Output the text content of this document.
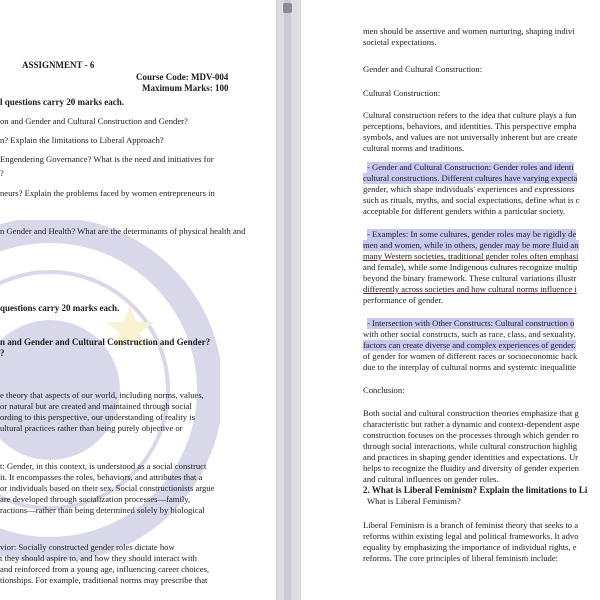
ASSIGNMENT - 6
Course Code: MDV-004
Maximum Marks: 100
l questions carry 20 marks each.
on and Gender and Cultural Construction and Gender?
n? Explain the limitations to Liberal Approach?
Engendering Governance? What is the need and initiatives for
?
neurs? Explain the problems faced by women entrepreneurs in
n Gender and Health? What are the determinants of physical health and
questions carry 20 marks each.
n and Gender and Cultural Construction and Gender?
?
e theory that aspects of our world, including norms, values,
or natural but are created and maintained through social
ording to this perspective, our understanding of reality is
ultural practices rather than being purely objective or
t: Gender, in this context, is understood as a social construct
it. It encompasses the roles, behaviors, and attributes that a
or individuals based on their sex. Social constructionists argue
are developed through socialization processes—family,
ractions—rather than being determined solely by biological
vior: Socially constructed gender roles dictate how
t they should aspire to, and how they should interact with
and reinforced from a young age, influencing career choices,
tionships. For example, traditional norms may prescribe that
men should be assertive and women nurturing, shaping indivi
societal expectations.
Gender and Cultural Construction:
Cultural Construction:
Cultural construction refers to the idea that culture plays a fun
perceptions, behaviors, and identities. This perspective empha
symbols, and values are not universally inherent but are create
cultural norms and traditions.
- Gender and Cultural Construction: Gender roles and identi
cultural constructions. Different cultures have varying expecta
gender, which shape individuals' experiences and expressions
such as rituals, myths, and social expectations, define what is c
acceptable for different genders within a particular society.
- Examples: In some cultures, gender roles may be rigidly de
men and women, while in others, gender may be more fluid an
many Western societies, traditional gender roles often emphasi
and female), while some Indigenous cultures recognize multip
beyond the binary framework. These cultural variations illustr
differently across societies and how cultural norms influence i
performance of gender.
- Intersection with Other Constructs: Cultural construction o
with other social constructs, such as race, class, and sexuality.
factors can create diverse and complex experiences of gender.
of gender for women of different races or socioeconomic back
due to the interplay of cultural norms and systemic inequalitie
Conclusion:
Both social and cultural construction theories emphasize that g
characteristic but rather a dynamic and context-dependent aspe
construction focuses on the processes through which gender ro
through social interactions, while cultural construction highlig
and practices in shaping gender identities and expectations. Ur
helps to recognize the fluidity and diversity of gender experien
and cultural influences on gender roles.
2. What is Liberal Feminism? Explain the limitations to Li
What is Liberal Feminism?
Liberal Feminism is a branch of feminist theory that seeks to a
reforms within existing legal and political frameworks. It advo
equality by emphasizing the importance of individual rights, e
reforms. The core principles of liberal feminism include:
